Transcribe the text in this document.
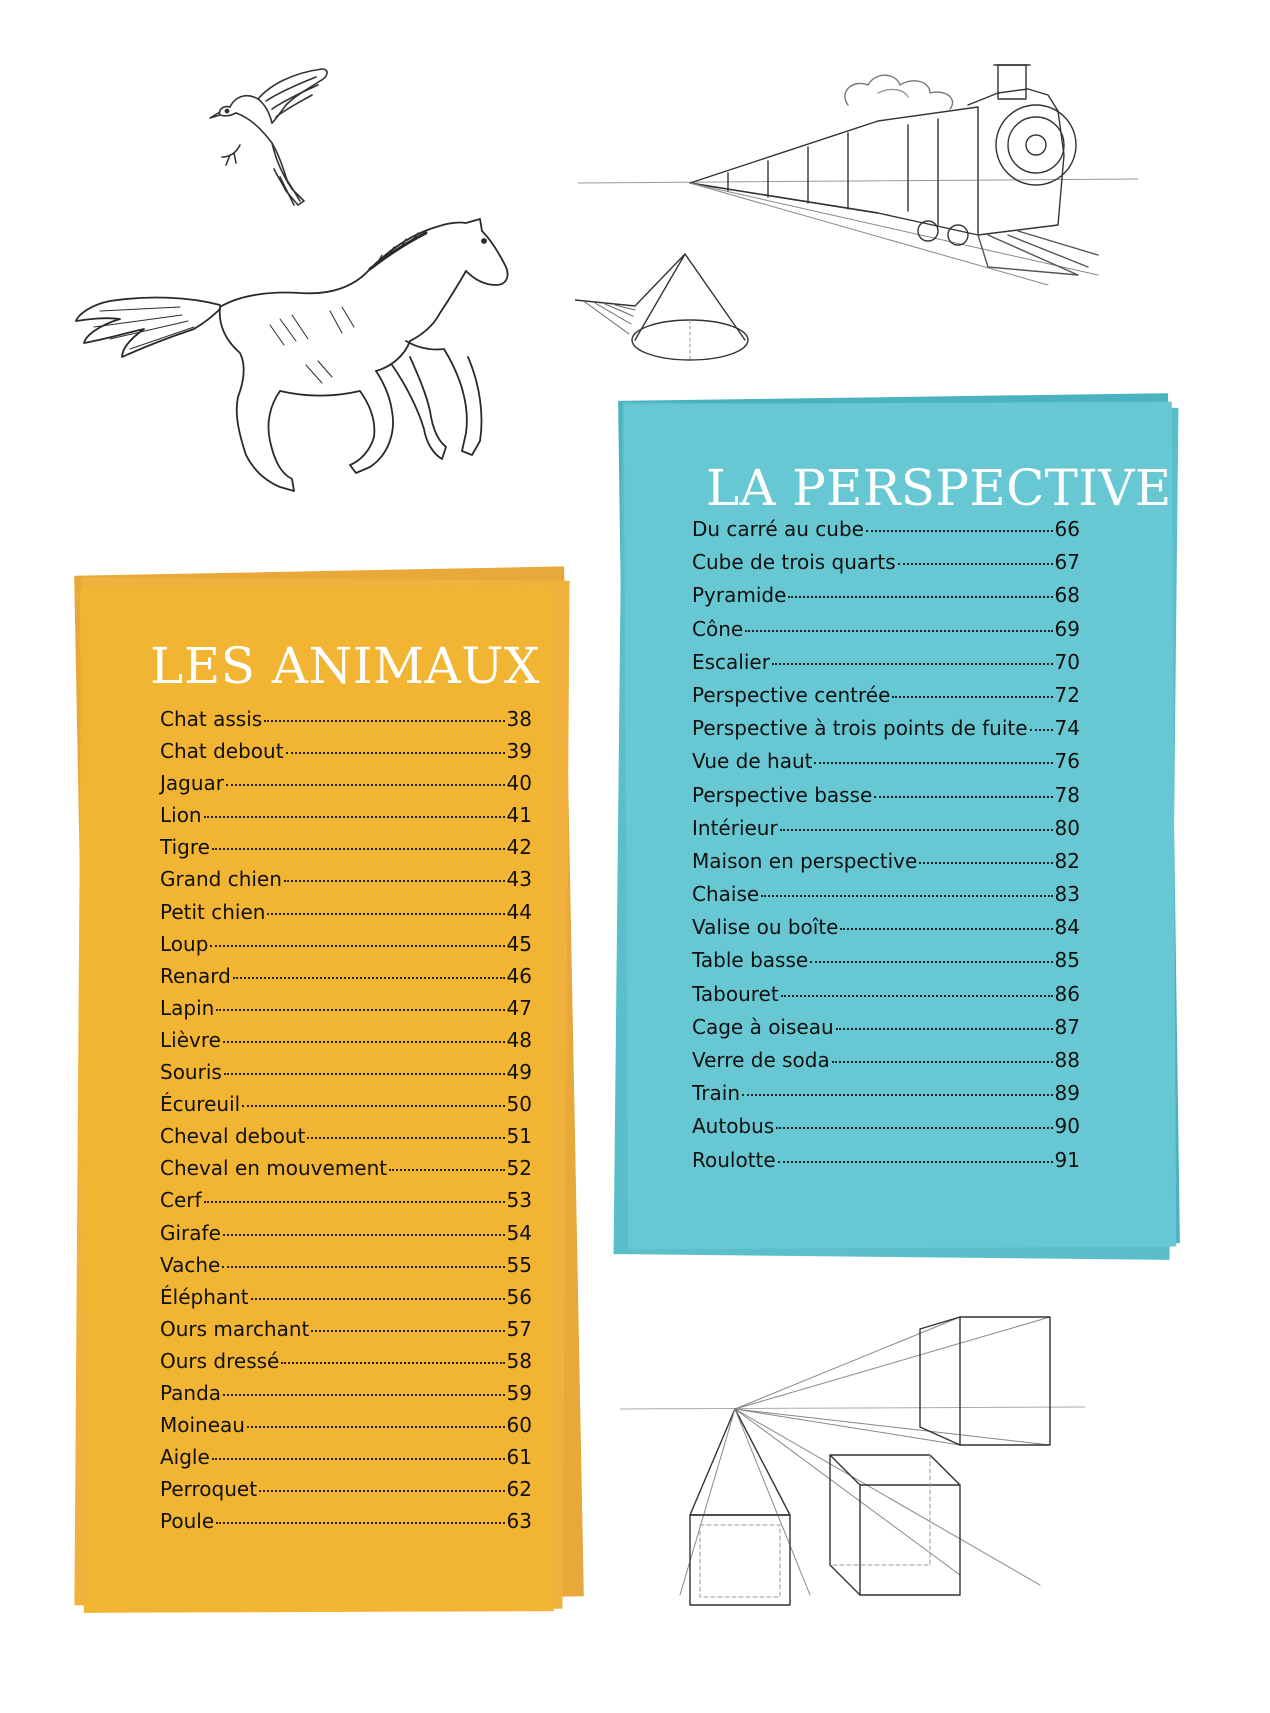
LES ANIMAUX
Chat assis	38
Chat debout	39
Jaguar	40
Lion	41
Tigre	42
Grand chien	43
Petit chien	44
Loup	45
Renard	46
Lapin	47
Lièvre	48
Souris	49
Écureuil	50
Cheval debout	51
Cheval en mouvement	52
Cerf	53
Girafe	54
Vache	55
Éléphant	56
Ours marchant	57
Ours dressé	58
Panda	59
Moineau	60
Aigle	61
Perroquet	62
Poule	63
LA PERSPECTIVE
Du carré au cube	66
Cube de trois quarts	67
Pyramide	68
Cône	69
Escalier	70
Perspective centrée	72
Perspective à trois points de fuite 74
Vue de haut	76
Perspective basse	78
Intérieur	80
Maison en perspective	82
Chaise	83
Valise ou boîte	84
Table basse	85
Tabouret	86
Cage à oiseau	87
Verre de soda	88
Train	89
Autobus	90
Roulotte	91
